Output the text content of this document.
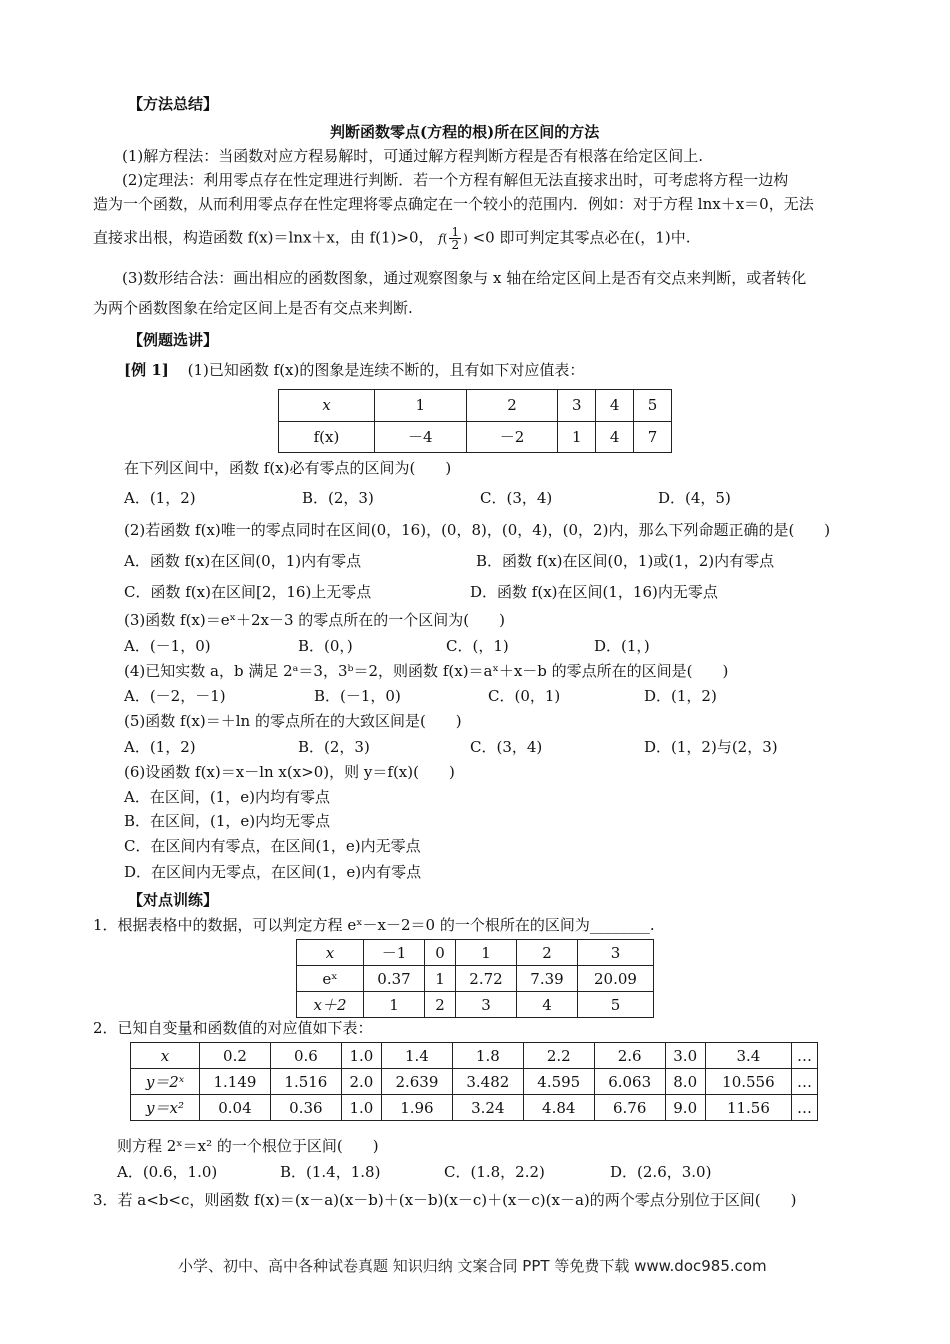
【方法总结】
判断函数零点(方程的根)所在区间的方法
(1)解方程法：当函数对应方程易解时，可通过解方程判断方程是否有根落在给定区间上.
(2)定理法：利用零点存在性定理进行判断．若一个方程有解但无法直接求出时，可考虑将方程一边构
造为一个函数，从而利用零点存在性定理将零点确定在一个较小的范围内．例如：对于方程 lnx＋x＝0，无法
直接求出根，构造函数 f(x)＝lnx＋x，由 f(1)>0， $f( \frac{1}{2}$ ) <0 即可判定其零点必在(，1)中.
(3)数形结合法：画出相应的函数图象，通过观察图象与 x 轴在给定区间上是否有交点来判断，或者转化
为两个函数图象在给定区间上是否有交点来判断.
【例题选讲】
[例 1] (1)已知函数 f(x)的图象是连续不断的，且有如下对应值表：
x	1	2	3	4	5
f(x)	－4	－2	1	4	7
在下列区间中，函数 f(x)必有零点的区间为(　　)
A．(1，2)	B．(2，3)	C．(3，4)	D．(4，5)
(2)若函数 f(x)唯一的零点同时在区间(0，16)，(0，8)，(0，4)，(0，2)内，那么下列命题正确的是(　　)
A．函数 f(x)在区间(0，1)内有零点	B．函数 f(x)在区间(0，1)或(1，2)内有零点
C．函数 f(x)在区间[2，16)上无零点	D．函数 f(x)在区间(1，16)内无零点
(3)函数 f(x)＝eˣ＋2x－3 的零点所在的一个区间为(　　)
A．(－1，0)	B．(0，)	C．(，1)	D．(1，)
(4)已知实数 a，b 满足 2ᵃ＝3，3ᵇ＝2，则函数 f(x)＝aˣ＋x－b 的零点所在的区间是(　　)
A．(－2，－1)	B．(－1，0)	C．(0，1)	D．(1，2)
(5)函数 f(x)＝＋ln 的零点所在的大致区间是(　　)
A．(1，2)	B．(2，3)	C．(3，4)	D．(1，2)与(2，3)
(6)设函数 f(x)＝x－ln x(x>0)，则 y＝f(x)(　　)
A．在区间，(1，e)内均有零点
B．在区间，(1，e)内均无零点
C．在区间内有零点，在区间(1，e)内无零点
D．在区间内无零点，在区间(1，e)内有零点
【对点训练】
1．根据表格中的数据，可以判定方程 eˣ－x－2＝0 的一个根所在的区间为________.
x	－1	0	1	2	3
eˣ	0.37	1	2.72	7.39	20.09
x＋2	1	2	3	4	5
2．已知自变量和函数值的对应值如下表：
x	0.2	0.6	1.0	1.4	1.8	2.2	2.6	3.0	3.4	…
y＝2ˣ	1.149	1.516	2.0	2.639	3.482	4.595	6.063	8.0	10.556	…
y＝x²	0.04	0.36	1.0	1.96	3.24	4.84	6.76	9.0	11.56	…
则方程 2ˣ＝x² 的一个根位于区间(　　)
A．(0.6，1.0)	B．(1.4，1.8)	C．(1.8，2.2)	D．(2.6，3.0)
3．若 a<b<c，则函数 f(x)＝(x－a)(x－b)＋(x－b)(x－c)＋(x－c)(x－a)的两个零点分别位于区间(　　)
小学、初中、高中各种试卷真题 知识归纳 文案合同 PPT 等免费下载 www.doc985.com
